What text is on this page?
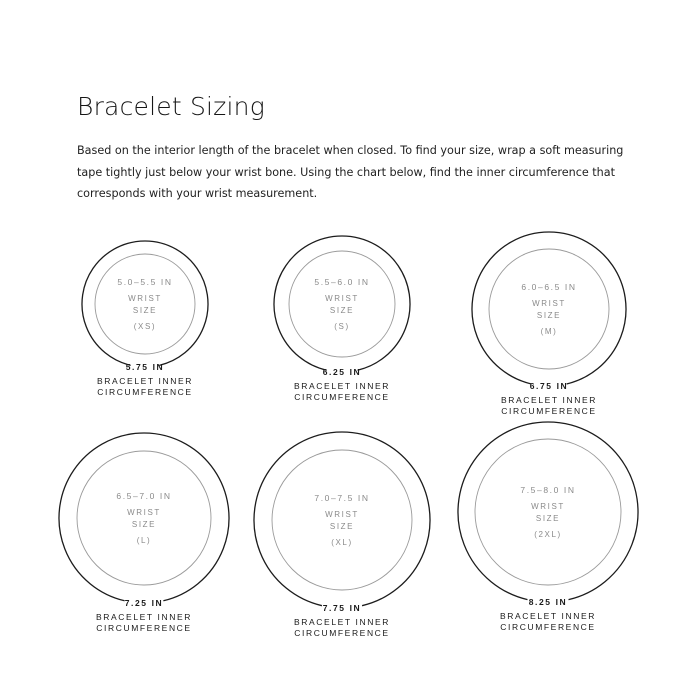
Bracelet Sizing

Based on the interior length of the bracelet when closed. To find your size, wrap a soft measuring tape tightly just below your wrist bone. Using the chart below, find the inner circumference that corresponds with your wrist measurement.

5.0–5.5 IN
WRIST
SIZE
(XS)
5.75 IN
BRACELET INNER
CIRCUMFERENCE
5.5–6.0 IN
WRIST
SIZE
(S)
6.25 IN
BRACELET INNER
CIRCUMFERENCE
6.0–6.5 IN
WRIST
SIZE
(M)
6.75 IN
BRACELET INNER
CIRCUMFERENCE
6.5–7.0 IN
WRIST
SIZE
(L)
7.25 IN
BRACELET INNER
CIRCUMFERENCE
7.0–7.5 IN
WRIST
SIZE
(XL)
7.75 IN
BRACELET INNER
CIRCUMFERENCE
7.5–8.0 IN
WRIST
SIZE
(2XL)
8.25 IN
BRACELET INNER
CIRCUMFERENCE
